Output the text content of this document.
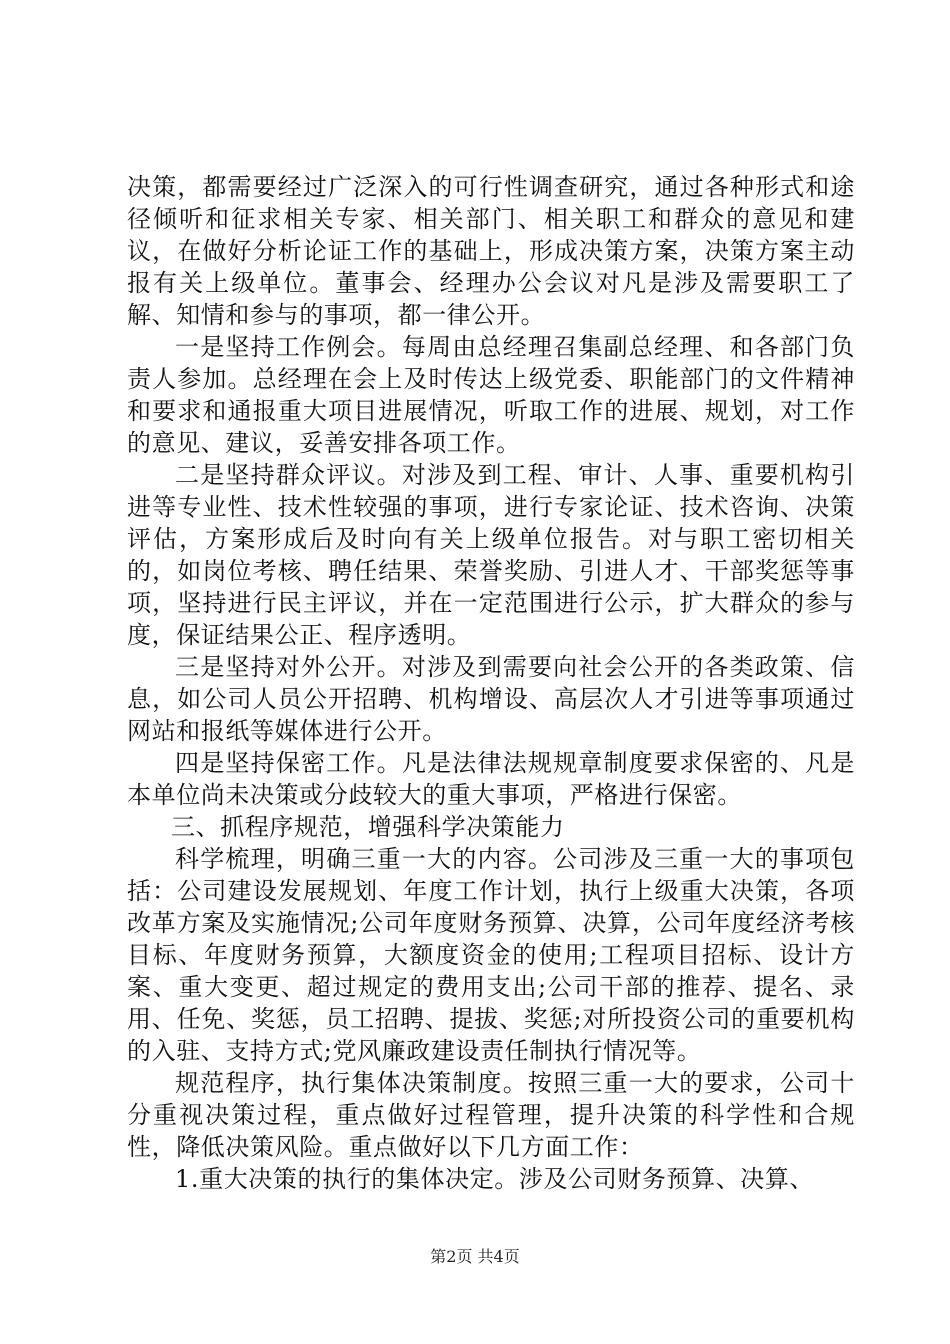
决策，都需要经过广泛深入的可行性调查研究，通过各种形式和途径倾听和征求相关专家、相关部门、相关职工和群众的意见和建议，在做好分析论证工作的基础上，形成决策方案，决策方案主动报有关上级单位。董事会、经理办公会议对凡是涉及需要职工了解、知情和参与的事项，都一律公开。

一是坚持工作例会。每周由总经理召集副总经理、和各部门负责人参加。总经理在会上及时传达上级党委、职能部门的文件精神和要求和通报重大项目进展情况，听取工作的进展、规划，对工作的意见、建议，妥善安排各项工作。

二是坚持群众评议。对涉及到工程、审计、人事、重要机构引进等专业性、技术性较强的事项，进行专家论证、技术咨询、决策评估，方案形成后及时向有关上级单位报告。对与职工密切相关的，如岗位考核、聘任结果、荣誉奖励、引进人才、干部奖惩等事项，坚持进行民主评议，并在一定范围进行公示，扩大群众的参与度，保证结果公正、程序透明。

三是坚持对外公开。对涉及到需要向社会公开的各类政策、信息，如公司人员公开招聘、机构增设、高层次人才引进等事项通过网站和报纸等媒体进行公开。

四是坚持保密工作。凡是法律法规规章制度要求保密的、凡是本单位尚未决策或分歧较大的重大事项，严格进行保密。

三、抓程序规范，增强科学决策能力

科学梳理，明确三重一大的内容。公司涉及三重一大的事项包括：公司建设发展规划、年度工作计划，执行上级重大决策，各项改革方案及实施情况;公司年度财务预算、决算，公司年度经济考核目标、年度财务预算，大额度资金的使用;工程项目招标、设计方案、重大变更、超过规定的费用支出;公司干部的推荐、提名、录用、任免、奖惩，员工招聘、提拔、奖惩;对所投资公司的重要机构的入驻、支持方式;党风廉政建设责任制执行情况等。

规范程序，执行集体决策制度。按照三重一大的要求，公司十分重视决策过程，重点做好过程管理，提升决策的科学性和合规性，降低决策风险。重点做好以下几方面工作：

1.重大决策的执行的集体决定。涉及公司财务预算、决算、

第2页 共4页
